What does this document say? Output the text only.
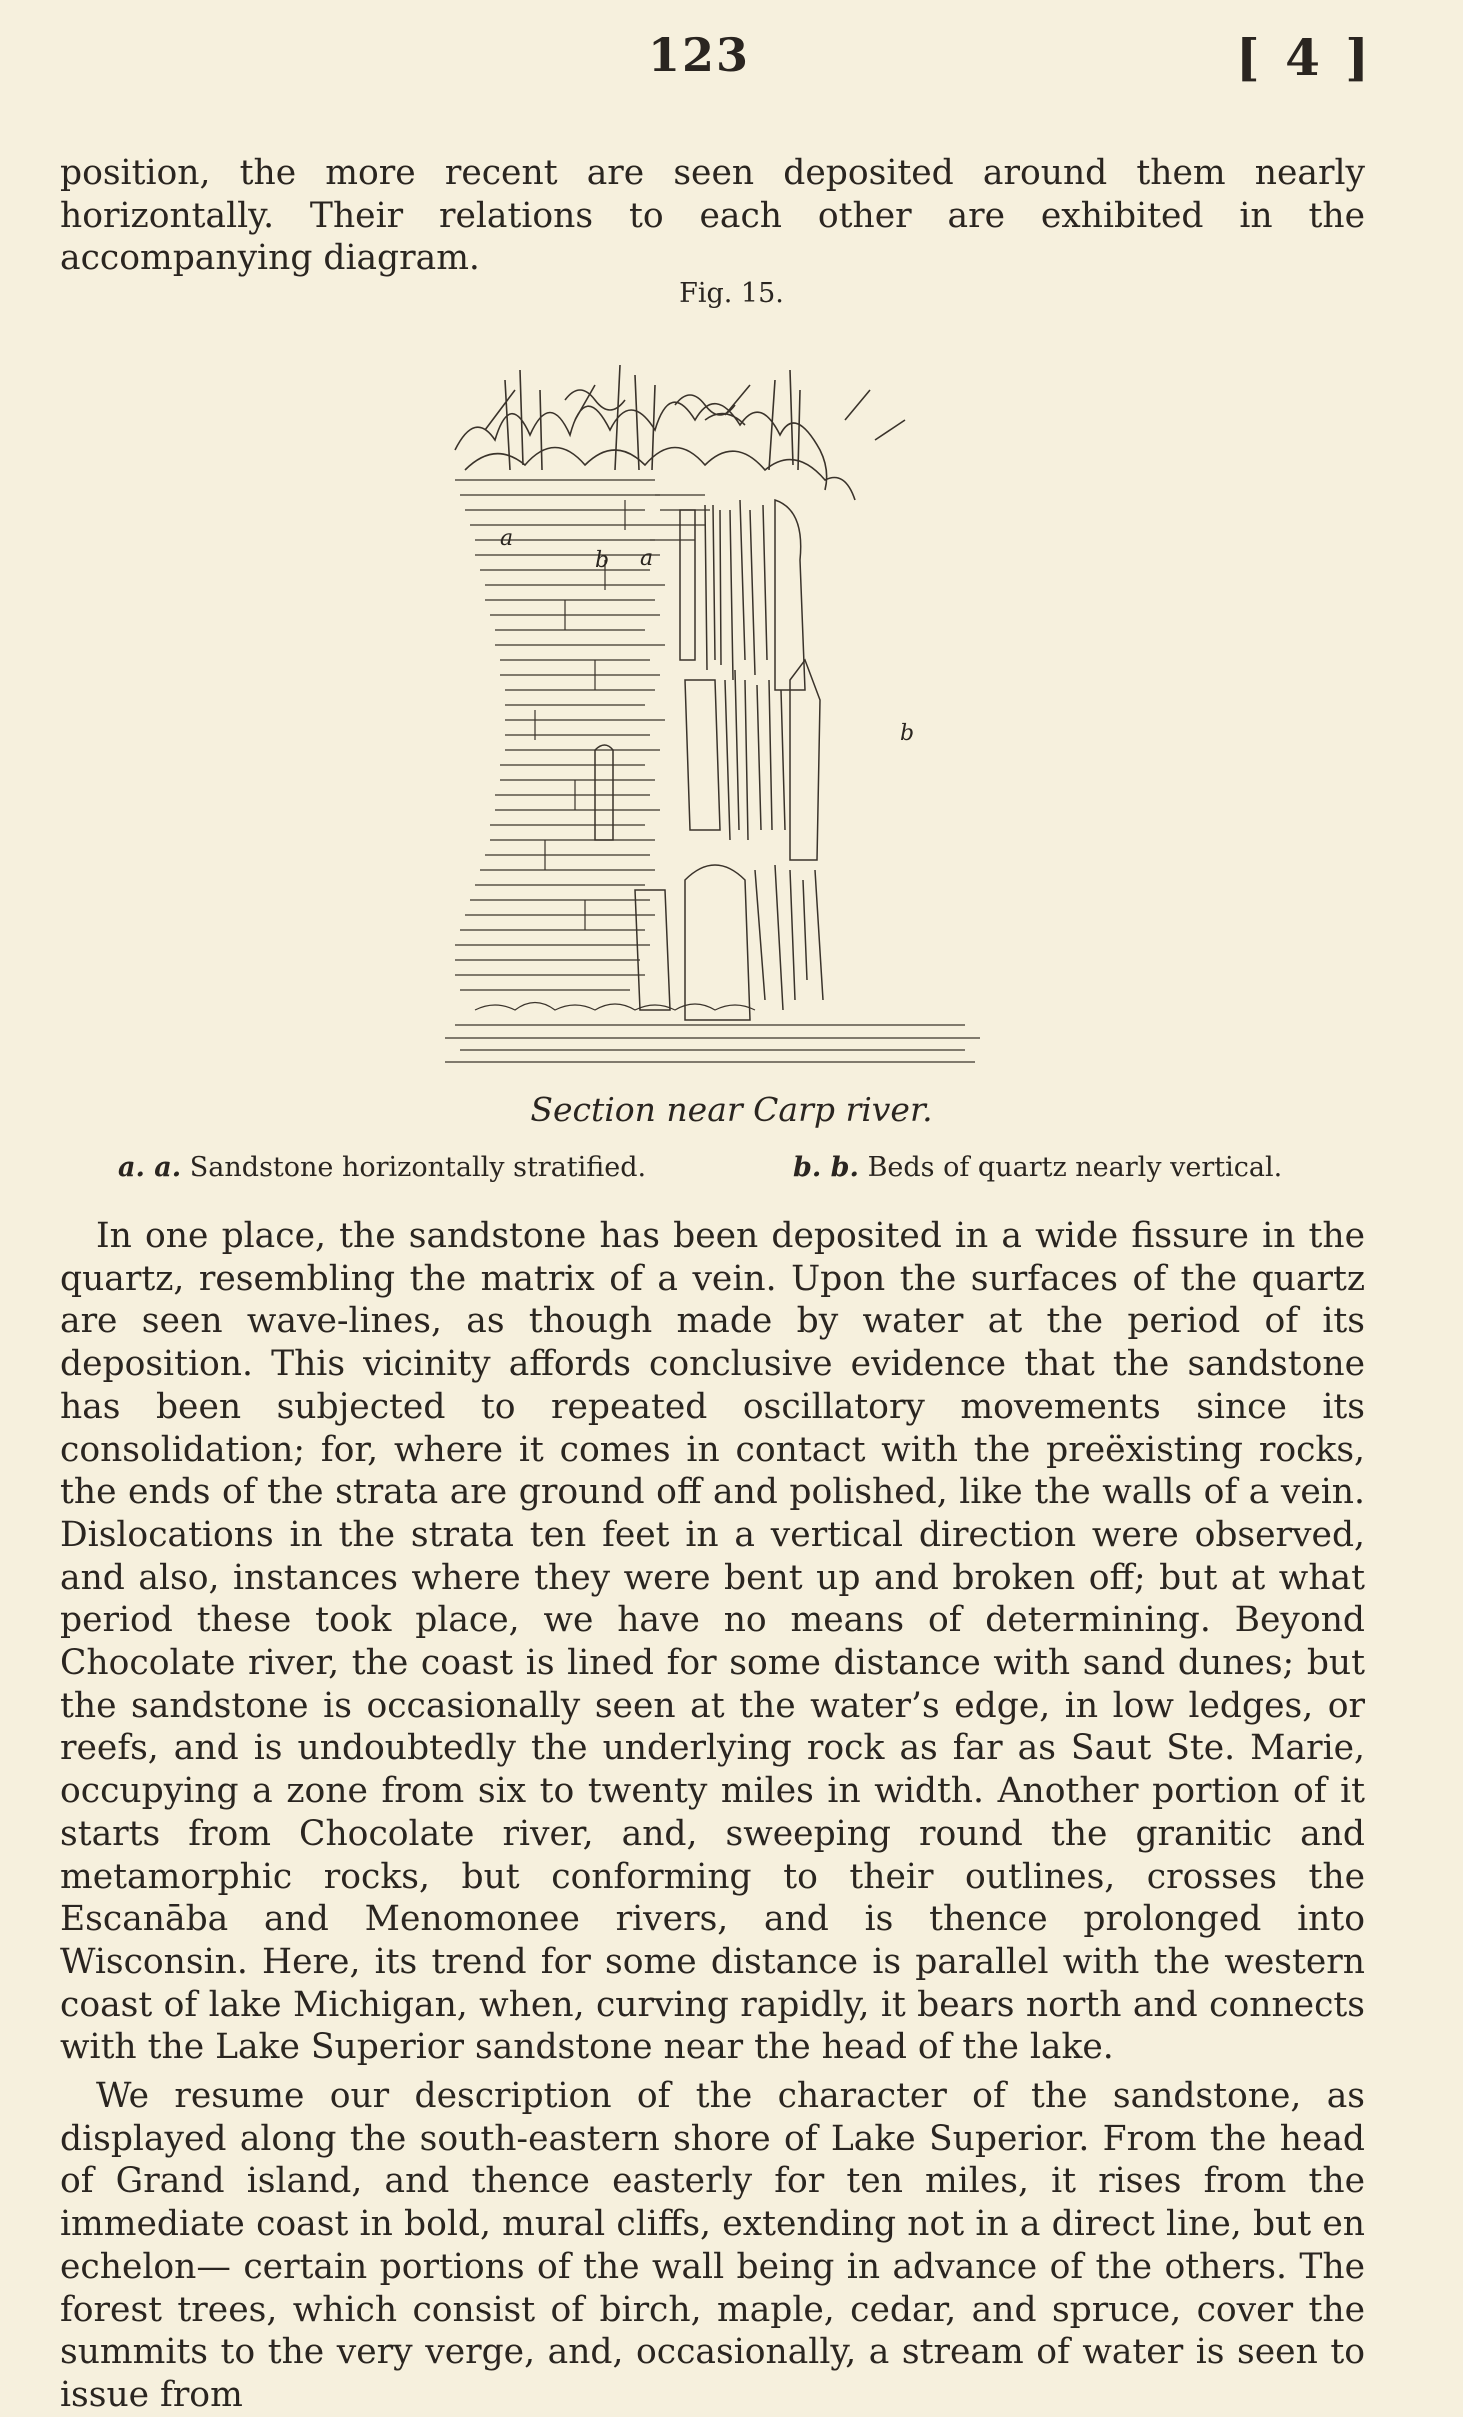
123	[ 4 ]

position, the more recent are seen deposited around them nearly horizontally. Their relations to each other are exhibited in the accompanying diagram.

Fig. 15.
a
a
b
b
Section near Carp river.
a. a. Sandstone horizontally stratified.	b. b. Beds of quartz nearly vertical.

In one place, the sandstone has been deposited in a wide fissure in the quartz, resembling the matrix of a vein. Upon the surfaces of the quartz are seen wave-lines, as though made by water at the period of its deposition. This vicinity affords conclusive evidence that the sandstone has been subjected to repeated oscillatory movements since its consolidation; for, where it comes in contact with the preëxisting rocks, the ends of the strata are ground off and polished, like the walls of a vein. Dislocations in the strata ten feet in a vertical direction were observed, and also, instances where they were bent up and broken off; but at what period these took place, we have no means of determining. Beyond Chocolate river, the coast is lined for some distance with sand dunes; but the sandstone is occasionally seen at the water’s edge, in low ledges, or reefs, and is undoubtedly the underlying rock as far as Saut Ste. Marie, occupying a zone from six to twenty miles in width. Another portion of it starts from Chocolate river, and, sweeping round the granitic and metamorphic rocks, but conforming to their outlines, crosses the Escanāba and Menomonee rivers, and is thence prolonged into Wisconsin. Here, its trend for some distance is parallel with the western coast of lake Michigan, when, curving rapidly, it bears north and connects with the Lake Superior sandstone near the head of the lake.

We resume our description of the character of the sandstone, as displayed along the south-eastern shore of Lake Superior. From the head of Grand island, and thence easterly for ten miles, it rises from the immediate coast in bold, mural cliffs, extending not in a direct line, but en echelon— certain portions of the wall being in advance of the others. The forest trees, which consist of birch, maple, cedar, and spruce, cover the summits to the very verge, and, occasionally, a stream of water is seen to issue from
